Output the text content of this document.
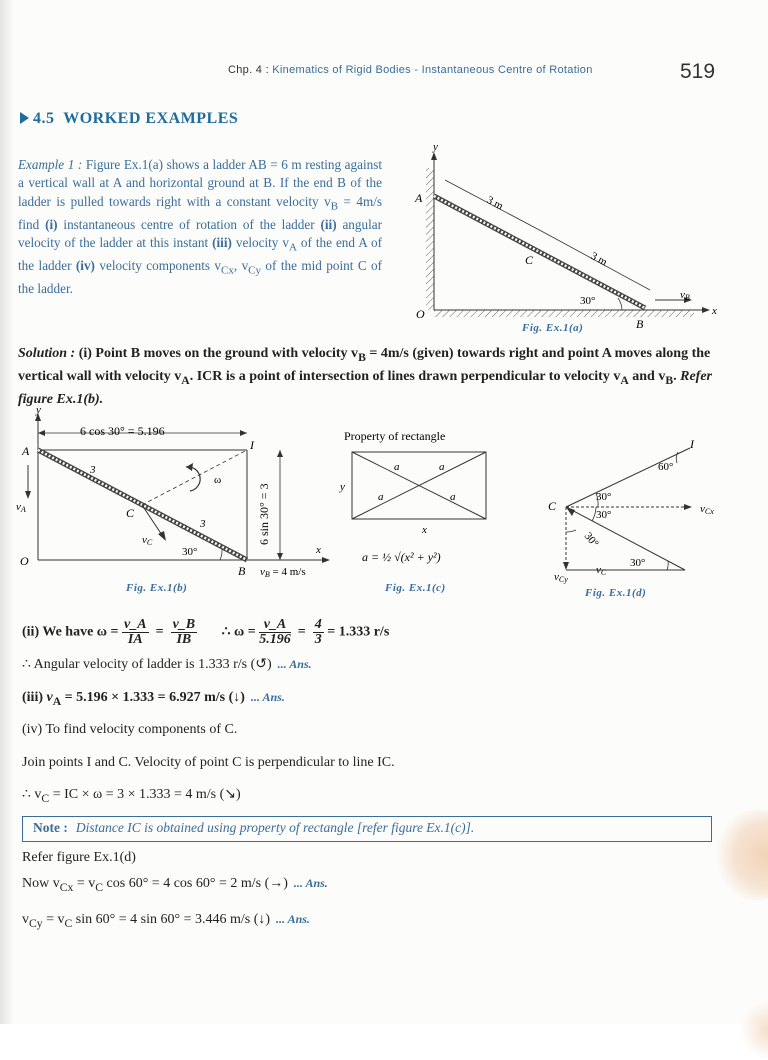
Chp. 4 : Kinematics of Rigid Bodies - Instantaneous Centre of Rotation	519
4.5 WORKED EXAMPLES
Example 1 : Figure Ex.1(a) shows a ladder AB = 6 m resting against a vertical wall at A and horizontal ground at B. If the end B of the ladder is pulled towards right with a constant velocity $v_B = 4m/s$ find (i) instantaneous centre of rotation of the ladder (ii) angular velocity of the ladder at this instant (iii) velocity $v_A$ of the end A of the ladder (iv) velocity components $v_{Cx}$, $v_{Cy}$ of the mid point C of the ladder.
y
A
O
B
C
3 m
3 m
30°	vB
x
Fig. Ex.1(a)
Solution : (i) Point B moves on the ground with velocity $v_B = 4m/s$ (given) towards right and point A moves along the vertical wall with velocity $v_A$. ICR is a point of intersection of lines drawn perpendicular to velocity $v_A$ and $v_B$. Refer figure Ex.1(b).
y
A	I
O
B
C
6 cos 30° = 5.196
6 sin 30° = 3
vA
vC
3
3
ω
30°
vB = 4 m/s
x
Fig. Ex.1(b)
Property of rectangle
a	a
a	a
x
y
a = ½ √(x² + y²)
Fig. Ex.1(c)
I
C
60°
30°
30°
30°
30°
vCx
vC
vCy
Fig. Ex.1(d)
(ii) We have $\omega = \frac{v\_A}{IA} = \frac{v\_B}{IB}$ ∴ $\omega = \frac{v\_A}{5.196} = \frac{4}{3} = 1.333$ r/s
∴ Angular velocity of ladder is 1.333 r/s (↺) ... Ans.
(iii) $v_A = 5.196 \times 1.333 = 6.927$ m/s (↓) ... Ans.
(iv) To find velocity components of C.
Join points I and C. Velocity of point C is perpendicular to line IC.
∴ $v_C$ = IC × ω = 3 × 1.333 = 4 m/s (↘)
Note : Distance IC is obtained using property of rectangle [refer figure Ex.1(c)].
Refer figure Ex.1(d)
Now $v_{Cx} = v_C$ cos 60° = 4 cos 60° = 2 m/s (→) ... Ans.
$v_{Cy} = v_C$ sin 60° = 4 sin 60° = 3.446 m/s (↓) ... Ans.
